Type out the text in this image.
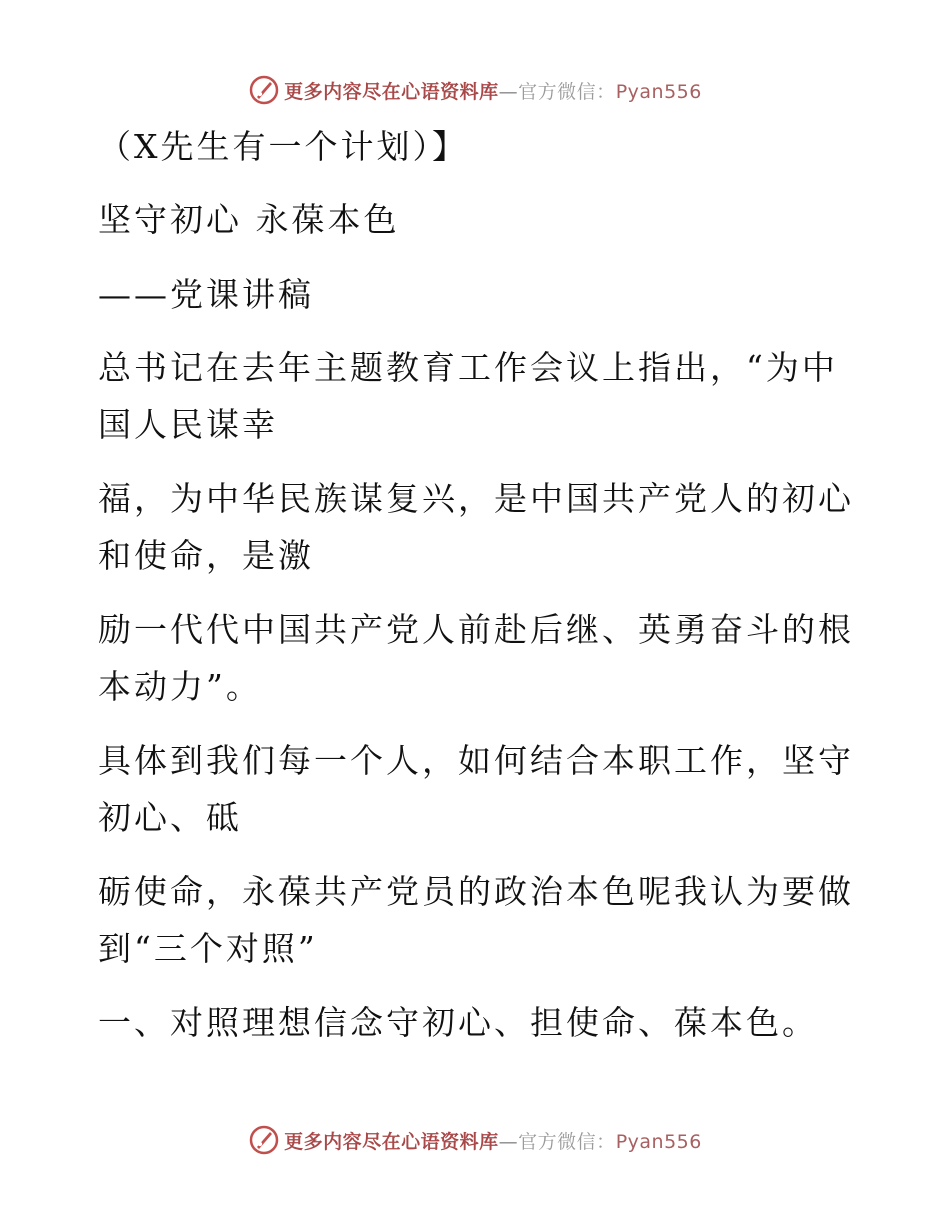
更多内容尽在心语资料库—官方微信：Pyan556

（X先生有一个计划）】

坚守初心 永葆本色

——党课讲稿

总书记在去年主题教育工作会议上指出，“为中

国人民谋幸

福，为中华民族谋复兴，是中国共产党人的初心

和使命，是激

励一代代中国共产党人前赴后继、英勇奋斗的根

本动力”。

具体到我们每一个人，如何结合本职工作，坚守

初心、砥

砺使命，永葆共产党员的政治本色呢我认为要做

到“三个对照”

一、对照理想信念守初心、担使命、葆本色。

更多内容尽在心语资料库—官方微信：Pyan556
